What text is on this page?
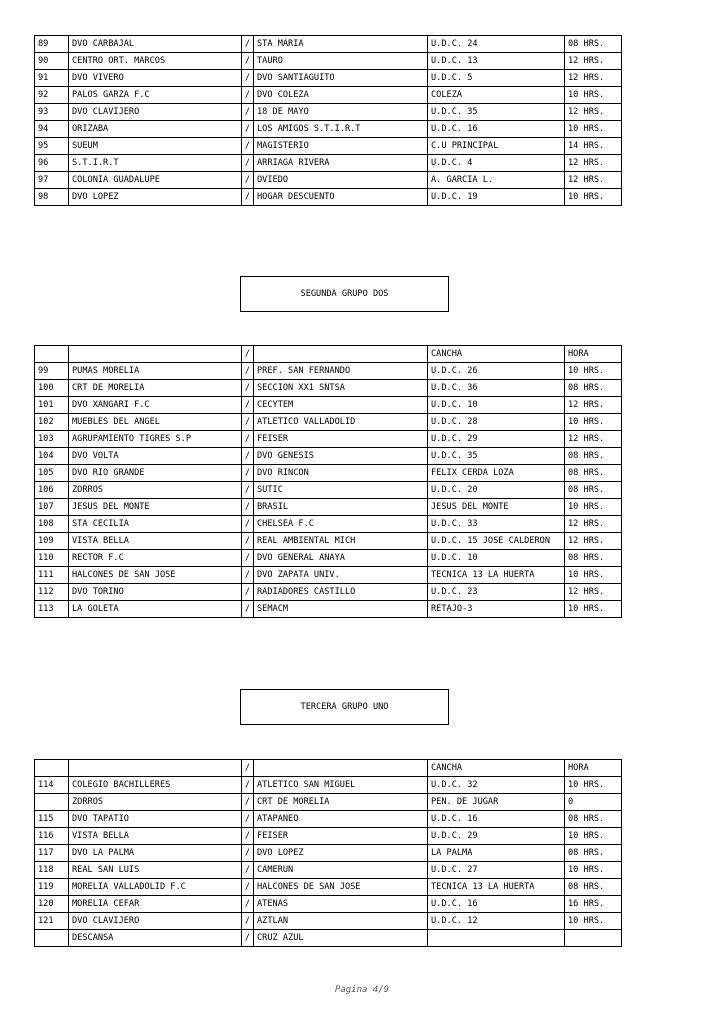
89	DVO CARBAJAL	/	STA MARIA	U.D.C. 24	08 HRS.
90	CENTRO ORT. MARCOS	/	TAURO	U.D.C. 13	12 HRS.
91	DVO VIVERO	/	DVO SANTIAGUITO	U.D.C. 5	12 HRS.
92	PALOS GARZA F.C	/	DVO COLEZA	COLEZA	10 HRS.
93	DVO CLAVIJERO	/	18 DE MAYO	U.D.C. 35	12 HRS.
94	ORIZABA	/	LOS AMIGOS S.T.I.R.T	U.D.C. 16	10 HRS.
95	SUEUM	/	MAGISTERIO	C.U PRINCIPAL	14 HRS.
96	S.T.I.R.T	/	ARRIAGA RIVERA	U.D.C. 4	12 HRS.
97	COLONIA GUADALUPE	/	OVIEDO	A. GARCIA L.	12 HRS.
98	DVO LOPEZ	/	HOGAR DESCUENTO	U.D.C. 19	10 HRS.
SEGUNDA GRUPO DOS
		/		CANCHA	HORA
99	PUMAS MORELIA	/	PREF. SAN FERNANDO	U.D.C. 26	10 HRS.
100	CRT DE MORELIA	/	SECCION XX1 SNTSA	U.D.C. 36	08 HRS.
101	DVO XANGARI F.C	/	CECYTEM	U.D.C. 10	12 HRS.
102	MUEBLES DEL ANGEL	/	ATLETICO VALLADOLID	U.D.C. 28	10 HRS.
103	AGRUPAMIENTO TIGRES S.P	/	FEISER	U.D.C. 29	12 HRS.
104	DVO VOLTA	/	DVO GENESIS	U.D.C. 35	08 HRS.
105	DVO RIO GRANDE	/	DVO RINCON	FELIX CERDA LOZA	08 HRS.
106	ZORROS	/	SUTIC	U.D.C. 20	08 HRS.
107	JESUS DEL MONTE	/	BRASIL	JESUS DEL MONTE	10 HRS.
108	STA CECILIA	/	CHELSEA F.C	U.D.C. 33	12 HRS.
109	VISTA BELLA	/	REAL AMBIENTAL MICH	U.D.C. 15 JOSE CALDERON	12 HRS.
110	RECTOR F.C	/	DVO GENERAL ANAYA	U.D.C. 10	08 HRS.
111	HALCONES DE SAN JOSE	/	DVO ZAPATA UNIV.	TECNICA 13 LA HUERTA	10 HRS.
112	DVO TORINO	/	RADIADORES CASTILLO	U.D.C. 23	12 HRS.
113	LA GOLETA	/	SEMACM	RETAJO-3	10 HRS.
TERCERA GRUPO UNO
		/		CANCHA	HORA
114	COLEGIO BACHILLERES	/	ATLETICO SAN MIGUEL	U.D.C. 32	10 HRS.
	ZORROS	/	CRT DE MORELIA	PEN. DE JUGAR	0
115	DVO TAPATIO	/	ATAPANEO	U.D.C. 16	08 HRS.
116	VISTA BELLA	/	FEISER	U.D.C. 29	10 HRS.
117	DVO LA PALMA	/	DVO LOPEZ	LA PALMA	08 HRS.
118	REAL SAN LUIS	/	CAMERUN	U.D.C. 27	10 HRS.
119	MORELIA VALLADOLID F.C	/	HALCONES DE SAN JOSE	TECNICA 13 LA HUERTA	08 HRS.
120	MORELIA CEFAR	/	ATENAS	U.D.C. 16	16 HRS.
121	DVO CLAVIJERO	/	AZTLAN	U.D.C. 12	10 HRS.
	DESCANSA	/	CRUZ AZUL		
Pagina 4/9
